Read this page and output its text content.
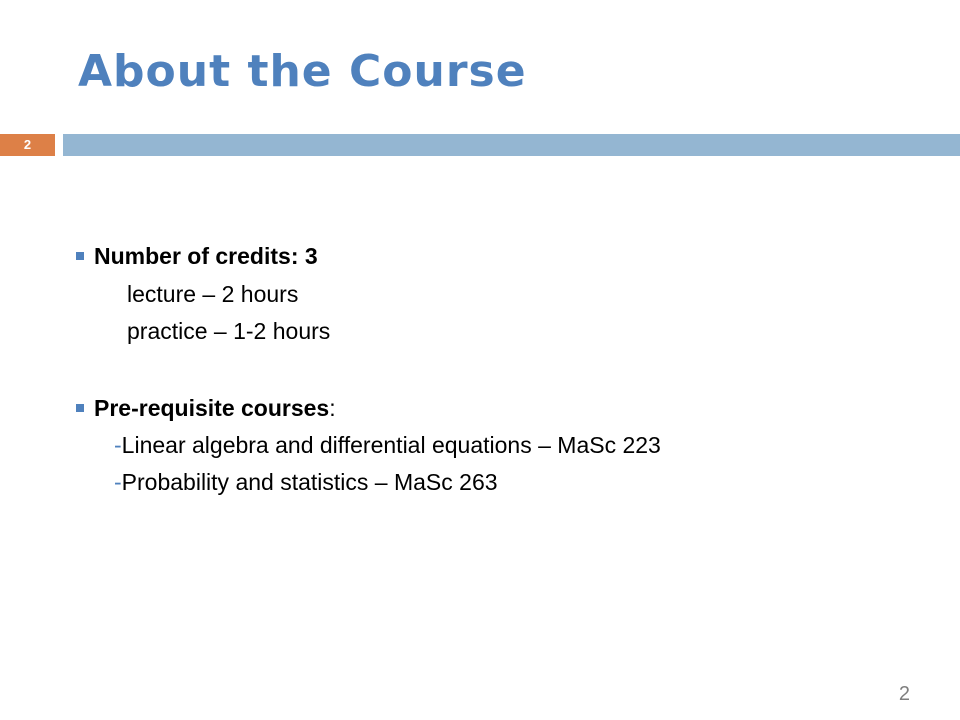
About the Course
2
Number of credits: 3
lecture – 2 hours
practice – 1-2 hours
Pre-requisite courses :
-Linear algebra and differential equations – MaSc 223
-Probability and statistics – MaSc 263
2
